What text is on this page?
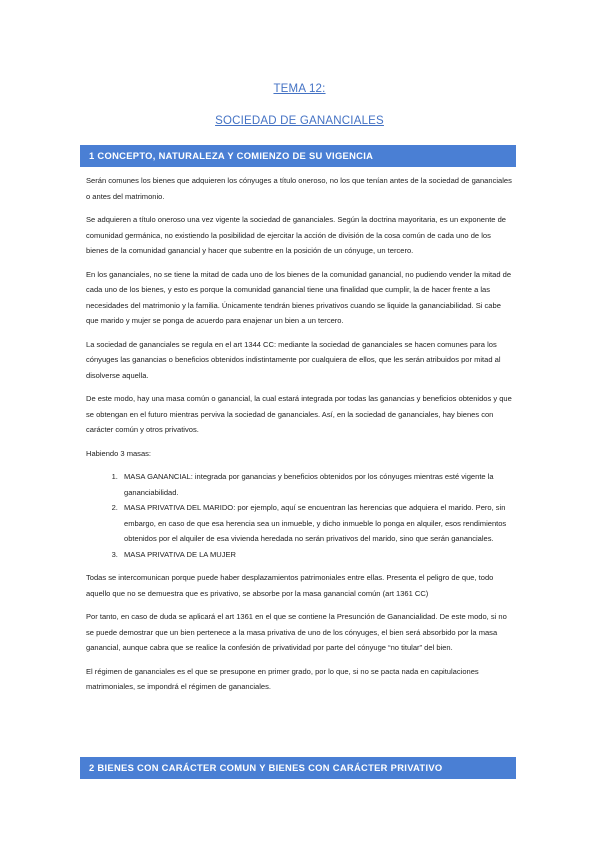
TEMA 12:
SOCIEDAD DE GANANCIALES
1 CONCEPTO, NATURALEZA Y COMIENZO DE SU VIGENCIA

Serán comunes los bienes que adquieren los cónyuges a título oneroso, no los que tenían antes de la sociedad de gananciales o antes del matrimonio.

Se adquieren a título oneroso una vez vigente la sociedad de gananciales. Según la doctrina mayoritaria, es un exponente de comunidad germánica, no existiendo la posibilidad de ejercitar la acción de división de la cosa común de cada uno de los bienes de la comunidad ganancial y hacer que subentre en la posición de un cónyuge, un tercero.

En los gananciales, no se tiene la mitad de cada uno de los bienes de la comunidad ganancial, no pudiendo vender la mitad de cada uno de los bienes, y esto es porque la comunidad ganancial tiene una finalidad que cumplir, la de hacer frente a las necesidades del matrimonio y la familia. Únicamente tendrán bienes privativos cuando se liquide la gananciabilidad. Si cabe que marido y mujer se ponga de acuerdo para enajenar un bien a un tercero.

La sociedad de gananciales se regula en el art 1344 CC: mediante la sociedad de gananciales se hacen comunes para los cónyuges las ganancias o beneficios obtenidos indistintamente por cualquiera de ellos, que les serán atribuidos por mitad al disolverse aquella.

De este modo, hay una masa común o ganancial, la cual estará integrada por todas las ganancias y beneficios obtenidos y que se obtengan en el futuro mientras perviva la sociedad de gananciales. Así, en la sociedad de gananciales, hay bienes con carácter común y otros privativos.

Habiendo 3 masas:

1. MASA GANANCIAL: integrada por ganancias y beneficios obtenidos por los cónyuges mientras esté vigente la gananciabilidad.
2. MASA PRIVATIVA DEL MARIDO: por ejemplo, aquí se encuentran las herencias que adquiera el marido. Pero, sin embargo, en caso de que esa herencia sea un inmueble, y dicho inmueble lo ponga en alquiler, esos rendimientos obtenidos por el alquiler de esa vivienda heredada no serán privativos del marido, sino que serán gananciales.
3. MASA PRIVATIVA DE LA MUJER

Todas se intercomunican porque puede haber desplazamientos patrimoniales entre ellas. Presenta el peligro de que, todo aquello que no se demuestra que es privativo, se absorbe por la masa ganancial común (art 1361 CC)

Por tanto, en caso de duda se aplicará el art 1361 en el que se contiene la Presunción de Ganancialidad. De este modo, si no se puede demostrar que un bien pertenece a la masa privativa de uno de los cónyuges, el bien será absorbido por la masa ganancial, aunque cabra que se realice la confesión de privatividad por parte del cónyuge “no titular” del bien.

El régimen de gananciales es el que se presupone en primer grado, por lo que, si no se pacta nada en capitulaciones matrimoniales, se impondrá el régimen de gananciales.

2 BIENES CON CARÁCTER COMUN Y BIENES CON CARÁCTER PRIVATIVO
